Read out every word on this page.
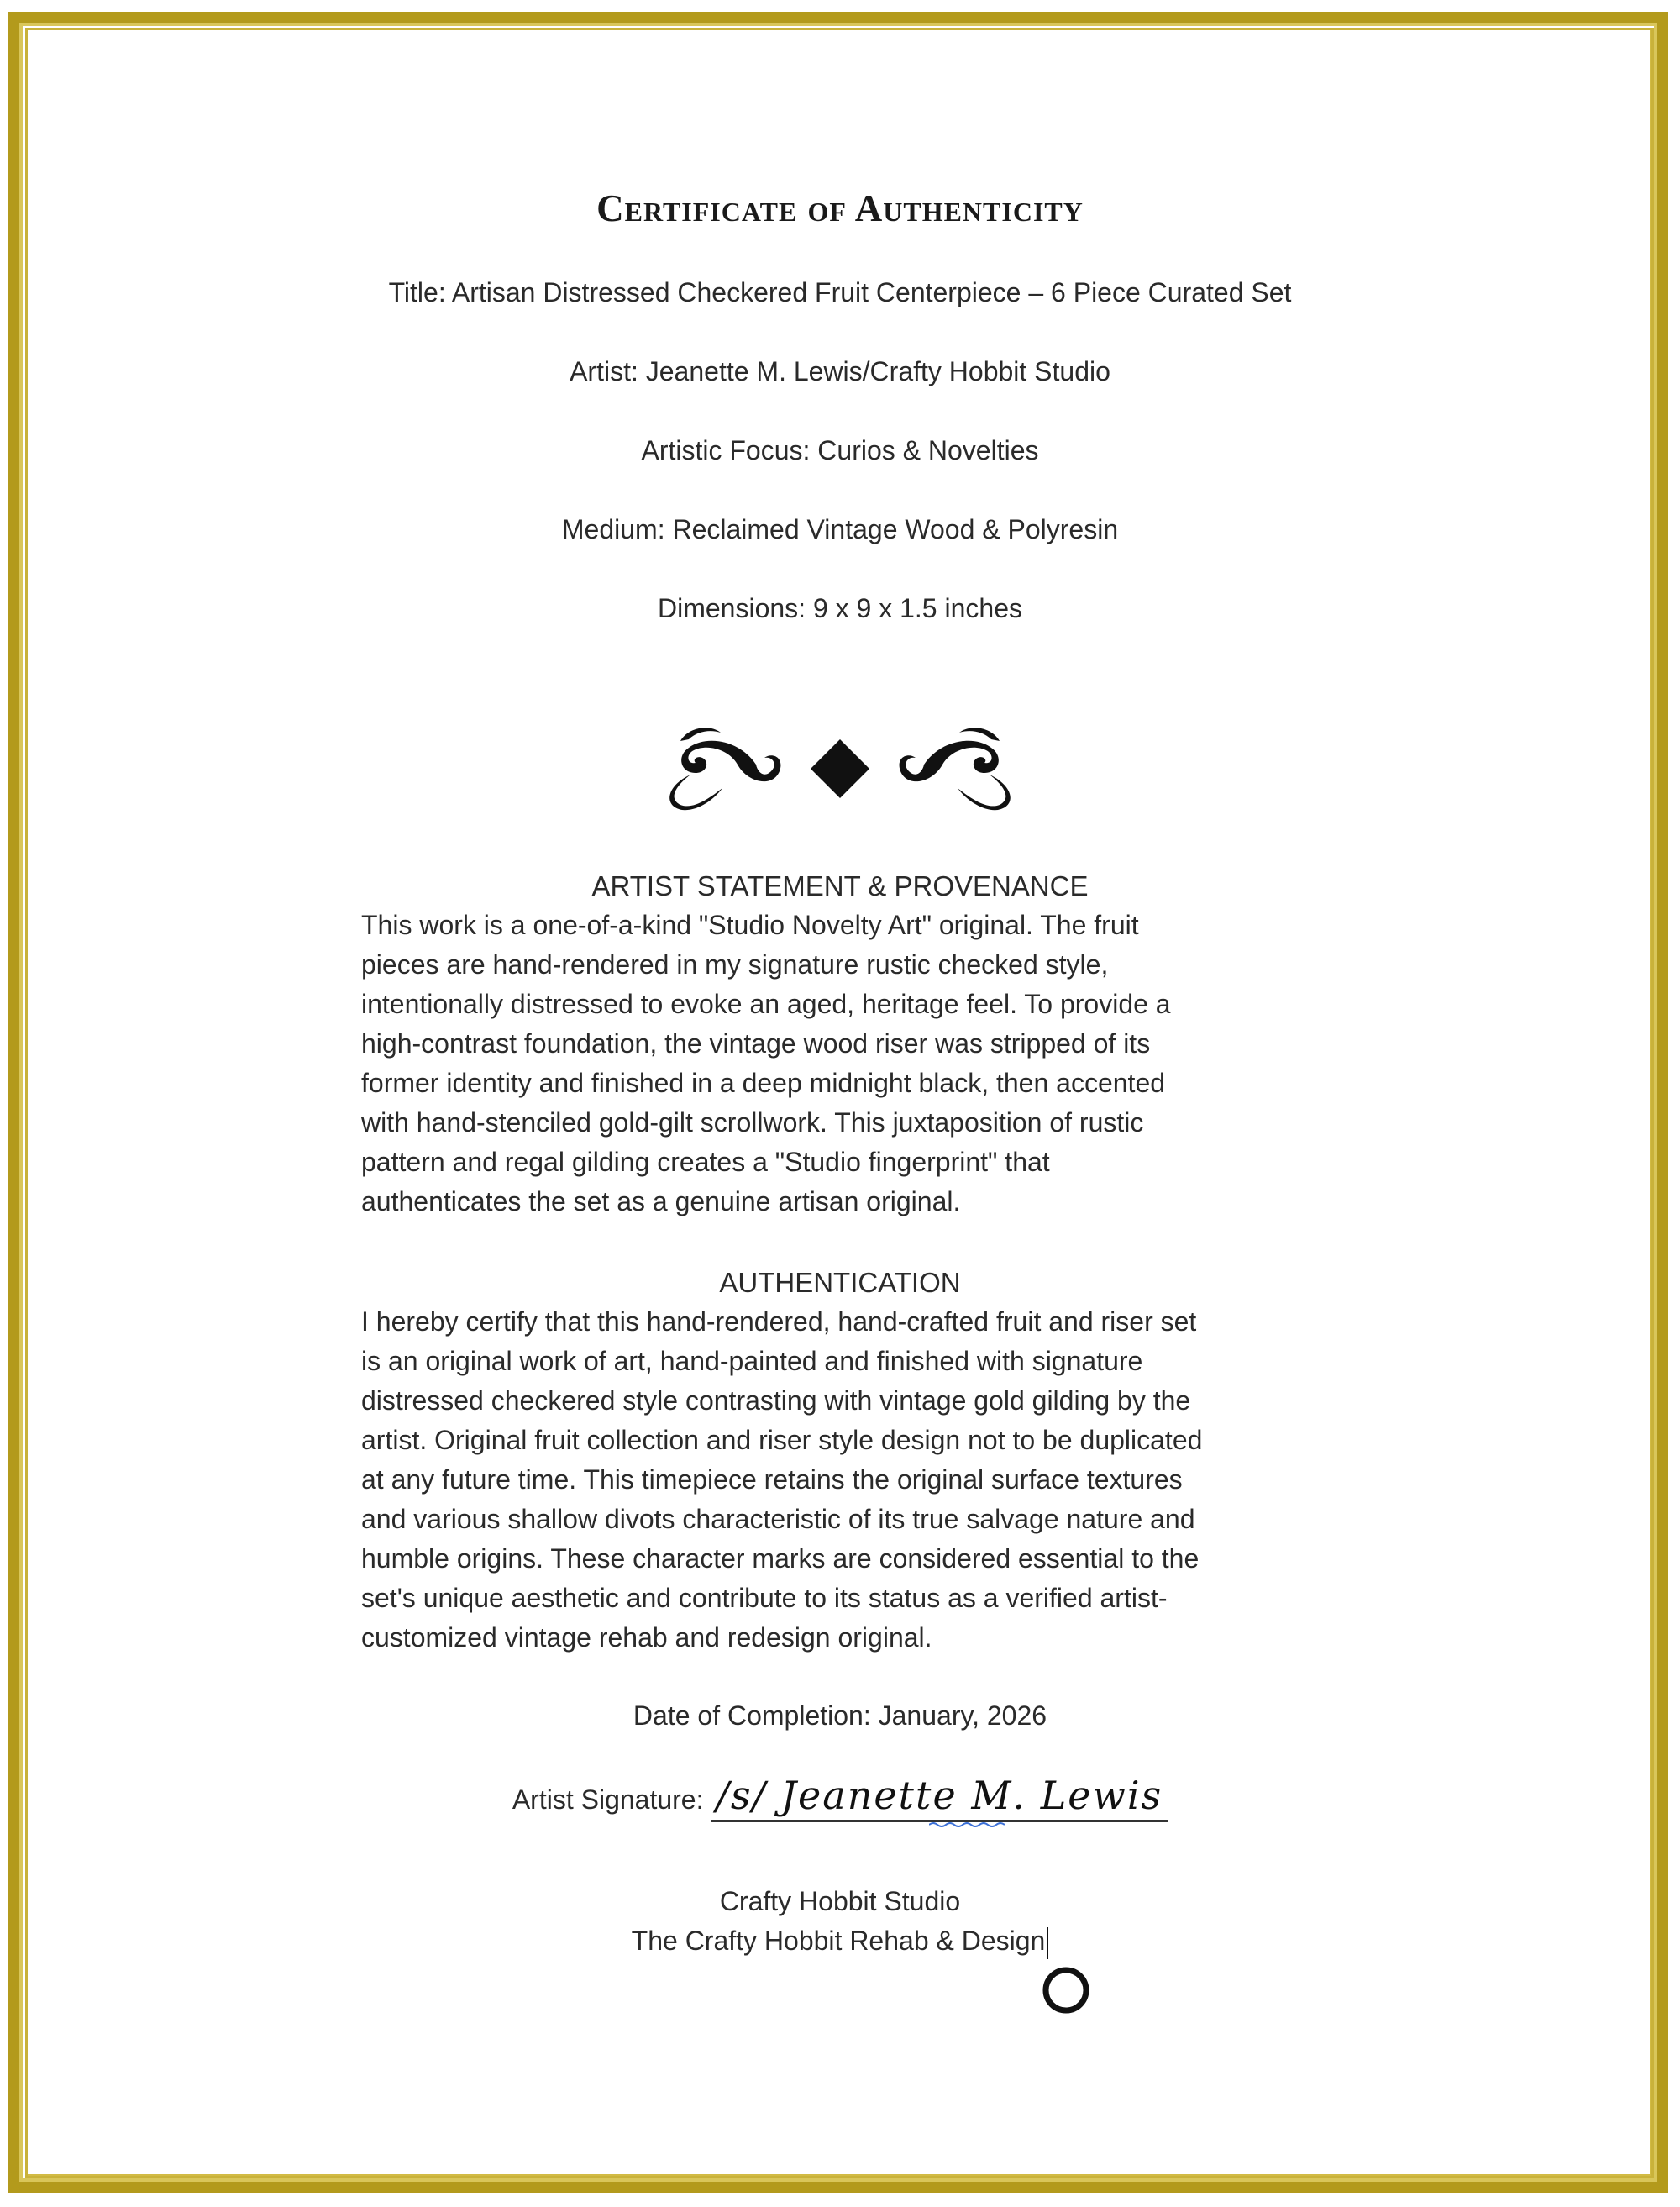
Certificate of Authenticity
Title: Artisan Distressed Checkered Fruit Centerpiece – 6 Piece Curated Set
Artist: Jeanette M. Lewis/Crafty Hobbit Studio
Artistic Focus: Curios & Novelties
Medium: Reclaimed Vintage Wood & Polyresin
Dimensions: 9 x 9 x 1.5 inches
ARTIST STATEMENT & PROVENANCE
This work is a one-of-a-kind "Studio Novelty Art" original. The fruit
pieces are hand-rendered in my signature rustic checked style,
intentionally distressed to evoke an aged, heritage feel. To provide a
high-contrast foundation, the vintage wood riser was stripped of its
former identity and finished in a deep midnight black, then accented
with hand-stenciled gold-gilt scrollwork. This juxtaposition of rustic
pattern and regal gilding creates a "Studio fingerprint" that
authenticates the set as a genuine artisan original.
AUTHENTICATION
I hereby certify that this hand-rendered, hand-crafted fruit and riser set
is an original work of art, hand-painted and finished with signature
distressed checkered style contrasting with vintage gold gilding by the
artist. Original fruit collection and riser style design not to be duplicated
at any future time. This timepiece retains the original surface textures
and various shallow divots characteristic of its true salvage nature and
humble origins. These character marks are considered essential to the
set's unique aesthetic and contribute to its status as a verified artist-
customized vintage rehab and redesign original.
Date of Completion: January, 2026
Artist Signature: /s/ Jeanette M. Lewis
Crafty Hobbit Studio
The Crafty Hobbit Rehab & Design
